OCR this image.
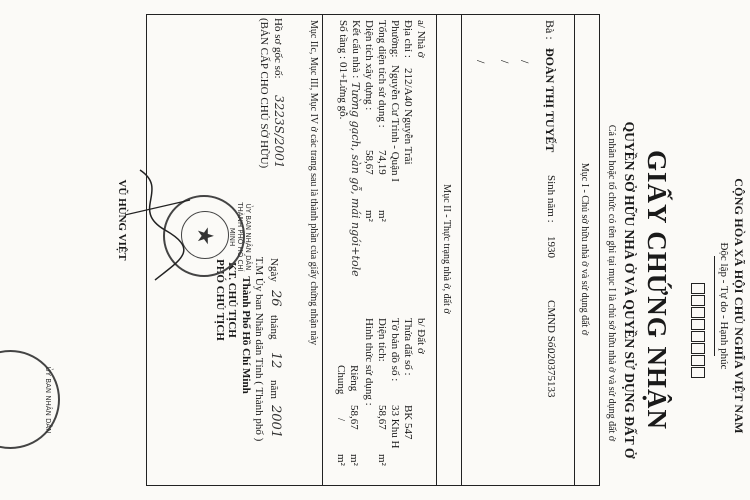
CỘNG HÒA XÃ HỘI CHỦ NGHĨA VIỆT NAM
Độc lập - Tự do - Hạnh phúc
GIẤY CHỨNG NHẬN
QUYỀN SỞ HỮU NHÀ Ở VÀ QUYỀN SỬ DỤNG ĐẤT Ở
Cá nhân hoặc tổ chức có tên ghi tại mục I là chủ sở hữu nhà ở và sử dụng đất ở
Mục I - Chủ sở hữu nhà ở và sử dụng đất ở
Bà :
ĐOÀN THỊ TUYẾT
Sinh năm :
1930
CMND Số:
020375133
/
/
/
Mục II - Thực trạng nhà ở, đất ở
a/ Nhà ở
Địa chỉ :
212/A40 Nguyễn Trãi
Phường:
Nguyễn Cư Trinh - Quận I
Tổng diện tích sử dụng :
74,19
m²
Diện tích xây dựng :
58,67
m²
Kết cấu nhà :
Tường gạch, sàn gỗ, mái ngói+tole
Số tầng :
01+Lửng gỗ.
b/ Đất ở
Thửa đất số :
BK 547
Tờ bản đồ số :
33 Khu H
Diện tích:
58,67
m²
Hình thức sử dụng :
Riêng
58,67
m²
Chung
/
m²
Mục IIc, Mục III, Mục IV ở các trang sau là thành phần của giấy chứng nhận này
Hồ sơ gốc số:
3223S/2001
(BẢN CẤP CHO CHỦ SỞ HỮU)
Ngày
26
tháng
12
năm
2001
T.M Ủy ban Nhân dân Tỉnh ( Thành phố )
Thành Phố Hồ Chí Minh
KT. CHỦ TỊCH
PHÓ CHỦ TỊCH
★	ỦY BAN NHÂN DÂN THÀNH PHỐ HỒ CHÍ MINH
VŨ HÙNG VIỆT
ỦY BAN NHÂN DÂN
